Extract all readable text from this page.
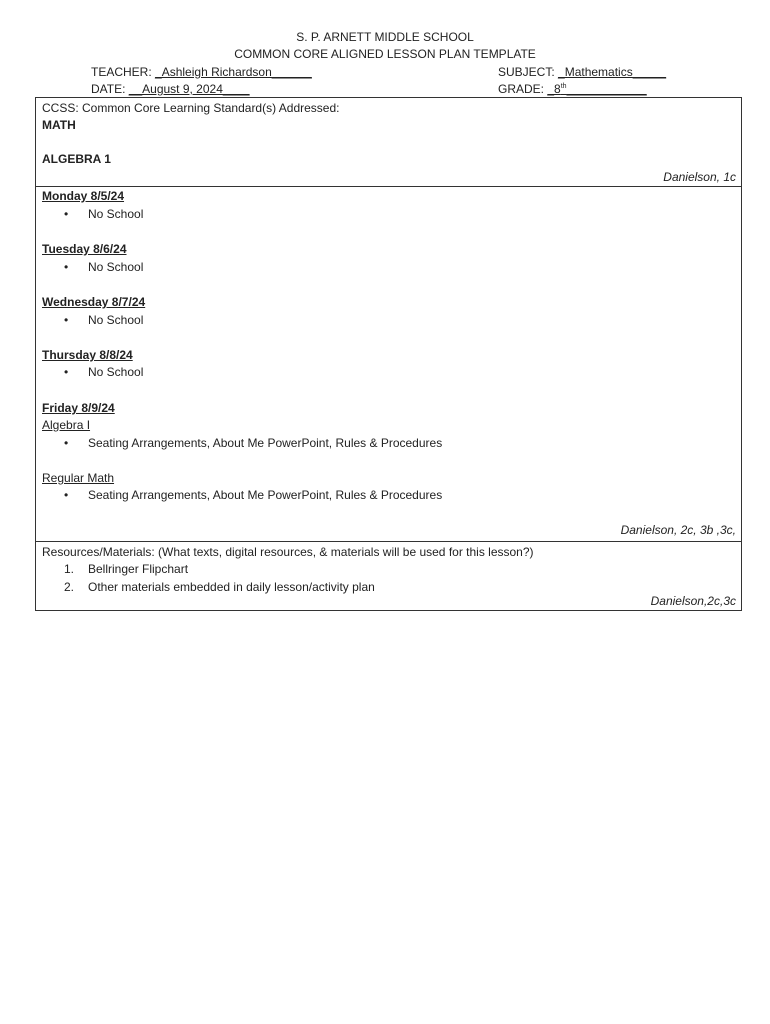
S. P. ARNETT MIDDLE SCHOOL
COMMON CORE ALIGNED LESSON PLAN TEMPLATE
TEACHER: _Ashleigh Richardson______	SUBJECT: _Mathematics_____
DATE: __August 9, 2024____	GRADE: _8th____________
CCSS: Common Core Learning Standard(s) Addressed:
MATH
ALGEBRA 1
Danielson, 1c
Monday 8/5/24
• No School
Tuesday 8/6/24
• No School
Wednesday 8/7/24
• No School
Thursday 8/8/24
• No School
Friday 8/9/24
Algebra I
• Seating Arrangements, About Me PowerPoint, Rules & Procedures
Regular Math
• Seating Arrangements, About Me PowerPoint, Rules & Procedures
Danielson, 2c, 3b ,3c,
Resources/Materials: (What texts, digital resources, & materials will be used for this lesson?)
1. Bellringer Flipchart
2. Other materials embedded in daily lesson/activity plan
Danielson,2c,3c
